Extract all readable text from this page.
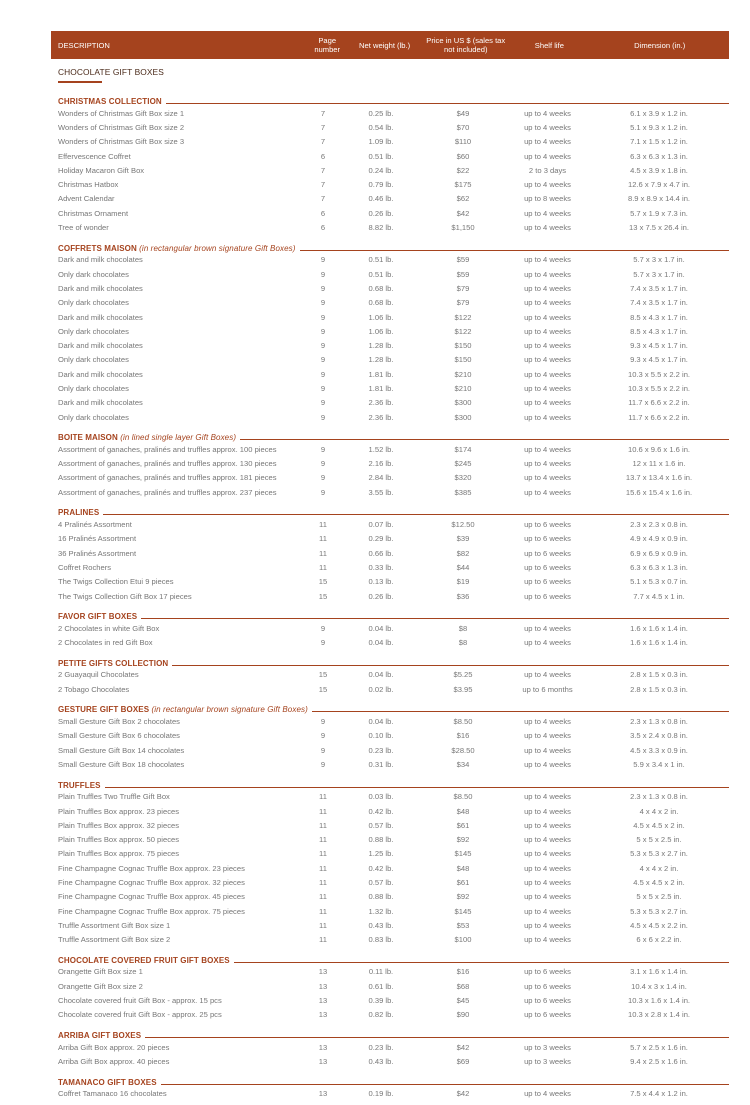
DESCRIPTION	Page number	Net weight (lb.)	Price in US $ (sales tax not included)	Shelf life	Dimension (in.)
CHOCOLATE GIFT BOXES
CHRISTMAS COLLECTION
Wonders of Christmas Gift Box size 1	7	0.25 lb.	$49	up to 4 weeks	6.1 x 3.9 x 1.2 in.
Wonders of Christmas Gift Box size 2	7	0.54 lb.	$70	up to 4 weeks	5.1 x 9.3 x 1.2 in.
Wonders of Christmas Gift Box size 3	7	1.09 lb.	$110	up to 4 weeks	7.1 x 1.5 x 1.2 in.
Effervescence Coffret	6	0.51 lb.	$60	up to 4 weeks	6.3 x 6.3 x 1.3 in.
Holiday Macaron Gift Box	7	0.24 lb.	$22	2 to 3 days	4.5 x 3.9 x 1.8 in.
Christmas Hatbox	7	0.79 lb.	$175	up to 4 weeks	12.6 x 7.9 x 4.7 in.
Advent Calendar	7	0.46 lb.	$62	up to 8 weeks	8.9 x 8.9 x 14.4 in.
Christmas Ornament	6	0.26 lb.	$42	up to 4 weeks	5.7 x 1.9 x 7.3 in.
Tree of wonder	6	8.82 lb.	$1,150	up to 4 weeks	13 x 7.5 x 26.4 in.
COFFRETS MAISON (in rectangular brown signature Gift Boxes)
Dark and milk chocolates	9	0.51 lb.	$59	up to 4 weeks	5.7 x 3 x 1.7 in.
Only dark chocolates	9	0.51 lb.	$59	up to 4 weeks	5.7 x 3 x 1.7 in.
Dark and milk chocolates	9	0.68 lb.	$79	up to 4 weeks	7.4 x 3.5 x 1.7 in.
Only dark chocolates	9	0.68 lb.	$79	up to 4 weeks	7.4 x 3.5 x 1.7 in.
Dark and milk chocolates	9	1.06 lb.	$122	up to 4 weeks	8.5 x 4.3 x 1.7 in.
Only dark chocolates	9	1.06 lb.	$122	up to 4 weeks	8.5 x 4.3 x 1.7 in.
Dark and milk chocolates	9	1.28 lb.	$150	up to 4 weeks	9.3 x 4.5 x 1.7 in.
Only dark chocolates	9	1.28 lb.	$150	up to 4 weeks	9.3 x 4.5 x 1.7 in.
Dark and milk chocolates	9	1.81 lb.	$210	up to 4 weeks	10.3 x 5.5 x 2.2 in.
Only dark chocolates	9	1.81 lb.	$210	up to 4 weeks	10.3 x 5.5 x 2.2 in.
Dark and milk chocolates	9	2.36 lb.	$300	up to 4 weeks	11.7 x 6.6 x 2.2 in.
Only dark chocolates	9	2.36 lb.	$300	up to 4 weeks	11.7 x 6.6 x 2.2 in.
BOITE MAISON (in lined single layer Gift Boxes)
Assortment of ganaches, pralinés and truffles approx. 100 pieces	9	1.52 lb.	$174	up to 4 weeks	10.6 x 9.6 x 1.6 in.
Assortment of ganaches, pralinés and truffles approx. 130 pieces	9	2.16 lb.	$245	up to 4 weeks	12 x 11 x 1.6 in.
Assortment of ganaches, pralinés and truffles approx. 181 pieces	9	2.84 lb.	$320	up to 4 weeks	13.7 x 13.4 x 1.6 in.
Assortment of ganaches, pralinés and truffles approx. 237 pieces	9	3.55 lb.	$385	up to 4 weeks	15.6 x 15.4 x 1.6 in.
PRALINES
4 Pralinés Assortment	11	0.07 lb.	$12.50	up to 6 weeks	2.3 x 2.3 x 0.8 in.
16 Pralinés Assortment	11	0.29 lb.	$39	up to 6 weeks	4.9 x 4.9 x 0.9 in.
36 Pralinés Assortment	11	0.66 lb.	$82	up to 6 weeks	6.9 x 6.9 x 0.9 in.
Coffret Rochers	11	0.33 lb.	$44	up to 6 weeks	6.3 x 6.3 x 1.3 in.
The Twigs Collection Etui 9 pieces	15	0.13 lb.	$19	up to 6 weeks	5.1 x 5.3 x 0.7 in.
The Twigs Collection Gift Box 17 pieces	15	0.26 lb.	$36	up to 6 weeks	7.7 x 4.5 x 1 in.
FAVOR GIFT BOXES
2 Chocolates in white Gift Box	9	0.04 lb.	$8	up to 4 weeks	1.6 x 1.6 x 1.4 in.
2 Chocolates in red Gift Box	9	0.04 lb.	$8	up to 4 weeks	1.6 x 1.6 x 1.4 in.
PETITE GIFTS COLLECTION
2 Guayaquil Chocolates	15	0.04 lb.	$5.25	up to 4 weeks	2.8 x 1.5 x 0.3 in.
2 Tobago Chocolates	15	0.02 lb.	$3.95	up to 6 months	2.8 x 1.5 x 0.3 in.
GESTURE GIFT BOXES (in rectangular brown signature Gift Boxes)
Small Gesture Gift Box 2 chocolates	9	0.04 lb.	$8.50	up to 4 weeks	2.3 x 1.3 x 0.8 in.
Small Gesture Gift Box 6 chocolates	9	0.10 lb.	$16	up to 4 weeks	3.5 x 2.4 x 0.8 in.
Small Gesture Gift Box 14 chocolates	9	0.23 lb.	$28.50	up to 4 weeks	4.5 x 3.3 x 0.9 in.
Small Gesture Gift Box 18 chocolates	9	0.31 lb.	$34	up to 4 weeks	5.9 x 3.4 x 1 in.
TRUFFLES
Plain Truffles Two Truffle Gift Box	11	0.03 lb.	$8.50	up to 4 weeks	2.3 x 1.3 x 0.8 in.
Plain Truffles Box approx. 23 pieces	11	0.42 lb.	$48	up to 4 weeks	4 x 4 x 2 in.
Plain Truffles Box approx. 32 pieces	11	0.57 lb.	$61	up to 4 weeks	4.5 x 4.5 x 2 in.
Plain Truffles Box approx. 50 pieces	11	0.88 lb.	$92	up to 4 weeks	5 x 5 x 2.5 in.
Plain Truffles Box approx. 75 pieces	11	1.25 lb.	$145	up to 4 weeks	5.3 x 5.3 x 2.7 in.
Fine Champagne Cognac Truffle Box approx. 23 pieces	11	0.42 lb.	$48	up to 4 weeks	4 x 4 x 2 in.
Fine Champagne Cognac Truffle Box approx. 32 pieces	11	0.57 lb.	$61	up to 4 weeks	4.5 x 4.5 x 2 in.
Fine Champagne Cognac Truffle Box approx. 45 pieces	11	0.88 lb.	$92	up to 4 weeks	5 x 5 x 2.5 in.
Fine Champagne Cognac Truffle Box approx. 75 pieces	11	1.32 lb.	$145	up to 4 weeks	5.3 x 5.3 x 2.7 in.
Truffle Assortment Gift Box size 1	11	0.43 lb.	$53	up to 4 weeks	4.5 x 4.5 x 2.2 in.
Truffle Assortment Gift Box size 2	11	0.83 lb.	$100	up to 4 weeks	6 x 6 x 2.2 in.
CHOCOLATE COVERED FRUIT GIFT BOXES
Orangette Gift Box size 1	13	0.11 lb.	$16	up to 6 weeks	3.1 x 1.6 x 1.4 in.
Orangette Gift Box size 2	13	0.61 lb.	$68	up to 6 weeks	10.4 x 3 x 1.4 in.
Chocolate covered fruit Gift Box - approx. 15 pcs	13	0.39 lb.	$45	up to 6 weeks	10.3 x 1.6 x 1.4 in.
Chocolate covered fruit Gift Box - approx. 25 pcs	13	0.82 lb.	$90	up to 6 weeks	10.3 x 2.8 x 1.4 in.
ARRIBA GIFT BOXES
Arriba Gift Box approx. 20 pieces	13	0.23 lb.	$42	up to 3 weeks	5.7 x 2.5 x 1.6 in.
Arriba Gift Box approx. 40 pieces	13	0.43 lb.	$69	up to 3 weeks	9.4 x 2.5 x 1.6 in.
TAMANACO GIFT BOXES
Coffret Tamanaco 16 chocolates	13	0.19 lb.	$42	up to 4 weeks	7.5 x 4.4 x 1.2 in.
